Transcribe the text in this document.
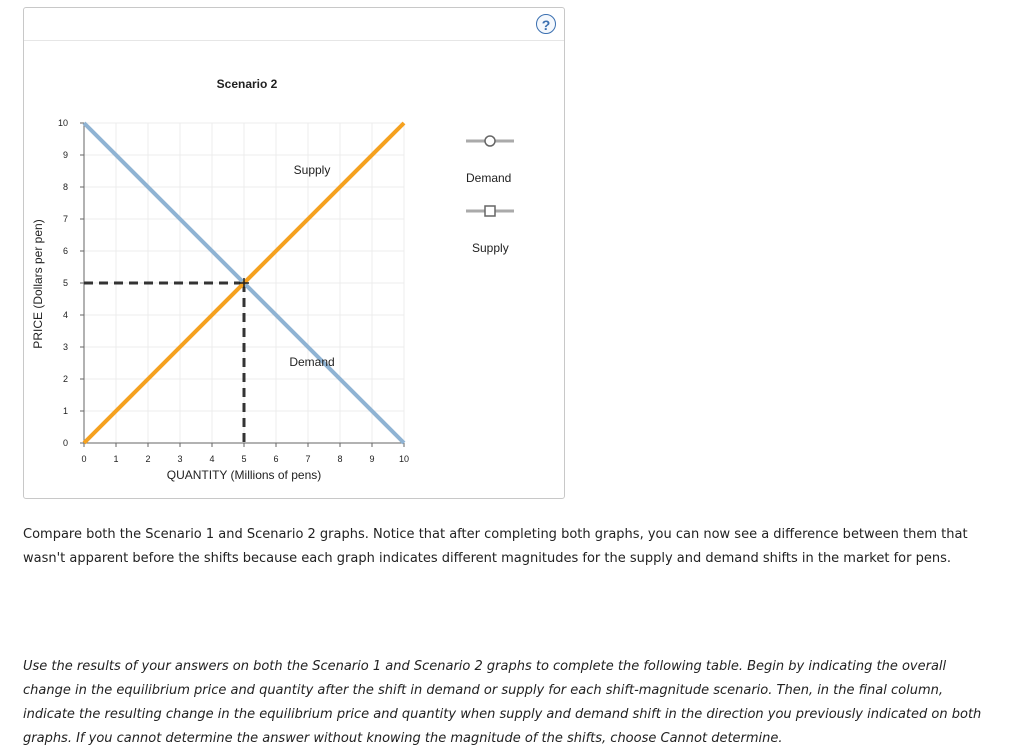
?
0	1	2	3	4	5	6	7	8	9	10
0
1
2
3
4
5
6
7
8
9
10
Scenario 2
QUANTITY (Millions of pens)
PRICE (Dollars per pen)
Supply
Demand
Demand
Supply

Compare both the Scenario 1 and Scenario 2 graphs. Notice that after completing both graphs, you can now see a difference between them that wasn't apparent before the shifts because each graph indicates different magnitudes for the supply and demand shifts in the market for pens.

Use the results of your answers on both the Scenario 1 and Scenario 2 graphs to complete the following table. Begin by indicating the overall change in the equilibrium price and quantity after the shift in demand or supply for each shift-magnitude scenario. Then, in the final column, indicate the resulting change in the equilibrium price and quantity when supply and demand shift in the direction you previously indicated on both graphs. If you cannot determine the answer without knowing the magnitude of the shifts, choose Cannot determine.
